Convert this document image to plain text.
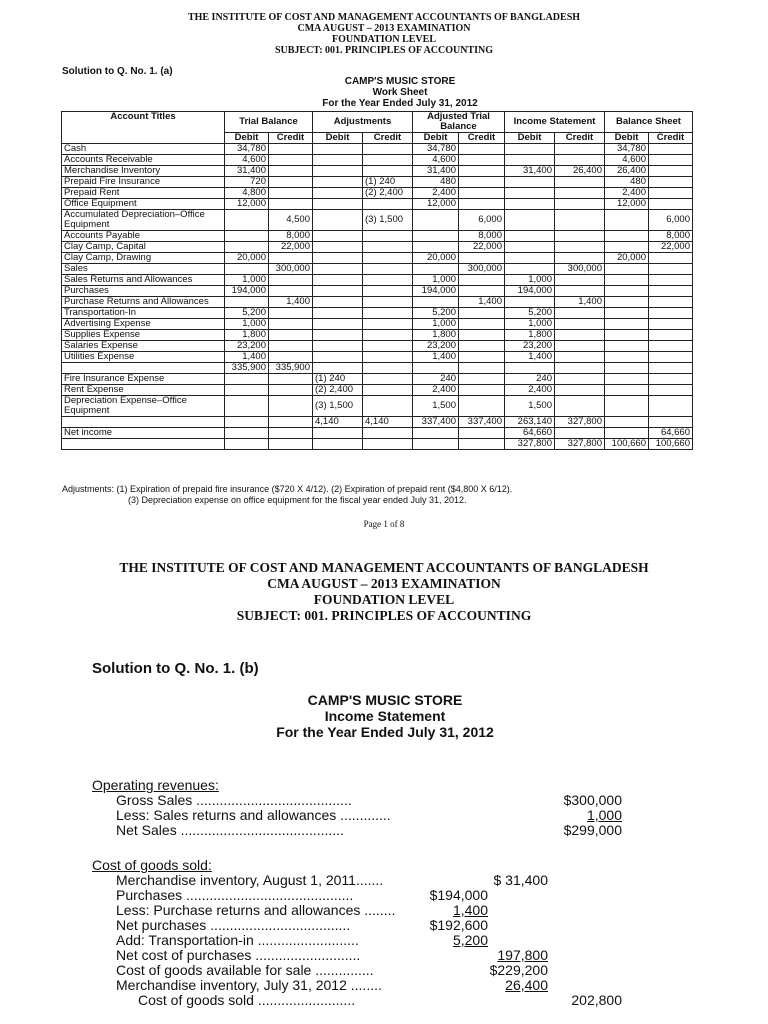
THE INSTITUTE OF COST AND MANAGEMENT ACCOUNTANTS OF BANGLADESH
CMA AUGUST – 2013 EXAMINATION
FOUNDATION LEVEL
SUBJECT: 001. PRINCIPLES OF ACCOUNTING
Solution to Q. No. 1. (a)
CAMP'S MUSIC STORE
Work Sheet
For the Year Ended July 31, 2012
Account Titles	Trial Balance		Adjustments		Adjusted Trial Balance		Income Statement		Balance Sheet	
	Debit	Credit	Debit	Credit	Debit	Credit	Debit	Credit	Debit	Credit
Cash	34,780				34,780				34,780	
Accounts Receivable	4,600				4,600				4,600	
Merchandise Inventory	31,400				31,400		31,400	26,400	26,400	
Prepaid Fire Insurance	720			(1) 240	480				480	
Prepaid Rent	4,800			(2) 2,400	2,400				2,400	
Office Equipment	12,000				12,000				12,000	
Accumulated Depreciation–Office Equipment		4,500		(3) 1,500		6,000				6,000
Accounts Payable		8,000				8,000				8,000
Clay Camp, Capital		22,000				22,000				22,000
Clay Camp, Drawing	20,000				20,000				20,000	
Sales		300,000				300,000		300,000		
Sales Returns and Allowances	1,000				1,000		1,000			
Purchases	194,000				194,000		194,000			
Purchase Returns and Allowances		1,400				1,400		1,400		
Transportation-In	5,200				5,200		5,200			
Advertising Expense	1,000				1,000		1,000			
Supplies Expense	1,800				1,800		1,800			
Salaries Expense	23,200				23,200		23,200			
Utilities Expense	1,400				1,400		1,400			
	335,900	335,900								
Fire Insurance Expense			(1) 240		240		240			
Rent Expense			(2) 2,400		2,400		2,400			
Depreciation Expense–Office Equipment			(3) 1,500		1,500		1,500			
			4,140	4,140	337,400	337,400	263,140	327,800		
Net income							64,660			64,660
							327,800	327,800	100,660	100,660
Adjustments: (1) Expiration of prepaid fire insurance ($720 X 4/12). (2) Expiration of prepaid rent ($4,800 X 6/12).
(3) Depreciation expense on office equipment for the fiscal year ended July 31, 2012.
Page 1 of 8
THE INSTITUTE OF COST AND MANAGEMENT ACCOUNTANTS OF BANGLADESH
CMA AUGUST – 2013 EXAMINATION
FOUNDATION LEVEL
SUBJECT: 001. PRINCIPLES OF ACCOUNTING
Solution to Q. No. 1. (b)
CAMP'S MUSIC STORE
Income Statement
For the Year Ended July 31, 2012
Operating revenues:
Gross Sales ........................................	$300,000
Less: Sales returns and allowances .............	1,000
Net Sales ..........................................	$299,000
Cost of goods sold:
Merchandise inventory, August 1, 2011.......	$ 31,400
Purchases ...........................................	$194,000
Less: Purchase returns and allowances ........	1,400
Net purchases ....................................	$192,600
Add: Transportation-in ..........................	5,200
Net cost of purchases ...........................	197,800
Cost of goods available for sale ...............	$229,200
Merchandise inventory, July 31, 2012 ........	26,400
Cost of goods sold .........................	202,800
